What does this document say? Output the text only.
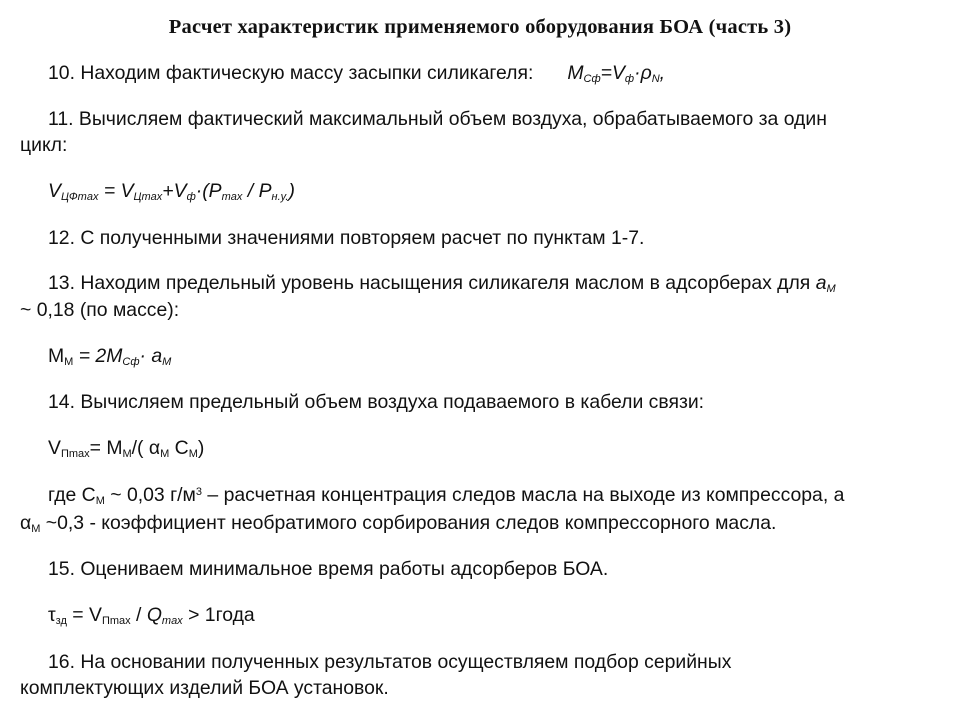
Расчет характеристик применяемого оборудования БОА (часть 3)
10. Находим фактическую массу засыпки силикагеля: $M_{Сф}=V_ф\cdot\rho_N$,
11. Вычисляем фактический максимальный объем воздуха, обрабатываемого за один
цикл:
$V_{ЦФmax} = V_{Цmax}+V_ф\cdot(P_{max} / P_{н.у.})$
12. С полученными значениями повторяем расчет по пунктам 1-7.
13. Находим предельный уровень насыщения силикагеля маслом в адсорберах для $a_М$
~ 0,18 (по массе):
$М_М = 2M_{Сф}\cdot a_М$
14. Вычисляем предельный объем воздуха подаваемого в кабели связи:
$V_{Пmax}= М_М/$( $\alpha_М$ $С_М$)
где $С_М$ ~ 0,03 $г/м^3$ – расчетная концентрация следов масла на выходе из компрессора, а
$\alpha_М$ ~0,3 - коэффициент необратимого сорбирования следов компрессорного масла.
15. Оцениваем минимальное время работы адсорберов БОА.
$\tau_{зд} = V_{Пmax} / Q_{max}$ > 1года
16. На основании полученных результатов осуществляем подбор серийных
комплектующих изделий БОА установок.
